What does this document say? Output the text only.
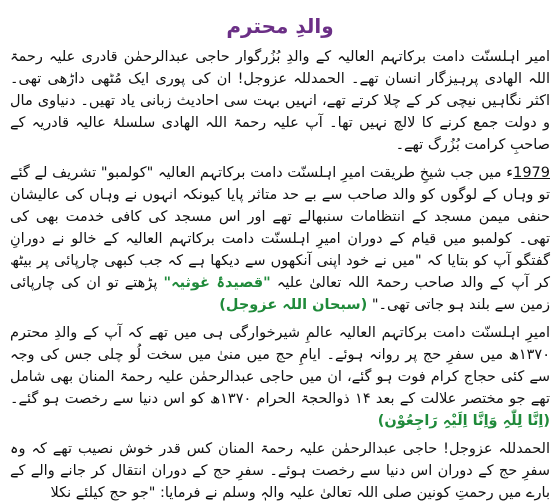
والدِ محترم

امیر اہلسنّت دامت برکاتہم العالیہ کے والدِ بُزُرگوار حاجی عبدالرحمٰن قادری علیہ رحمۃ اللہ الھادی پرہیزگار انسان تھے۔ الحمدللہ عزوجل! ان کی پوری ایک مُٹھی داڑھی تھی۔ اکثر نگاہیں نیچی کر کے چلا کرتے تھے، انہیں بہت سی احادیث زبانی یاد تھیں۔ دنیاوی مال و دولت جمع کرنے کا لالچ نہیں تھا۔ آپ علیہ رحمۃ اللہ الھادی سلسلۂ عالیہ قادریہ کے صاحبِ کرامت بُزُرگ تھے۔

1979ء میں جب شیخِ طریقت امیرِ اہلسنّت دامت برکاتہم العالیہ "کولمبو" تشریف لے گئے تو وہاں کے لوگوں کو والد صاحب سے بے حد متاثر پایا کیونکہ انہوں نے وہاں کی عالیشان حنفی میمن مسجد کے انتظامات سنبھالے تھے اور اس مسجد کی کافی خدمت بھی کی تھی۔ کولمبو میں قیام کے دوران امیرِ اہلسنّت دامت برکاتہم العالیہ کے خالو نے دورانِ گفتگو آپ کو بتایا کہ "میں نے خود اپنی آنکھوں سے دیکھا ہے کہ جب کبھی چارپائی پر بیٹھ کر آپ کے والد صاحب رحمۃ اللہ تعالیٰ علیہ "قصیدۂ غوثیہ" پڑھتے تو ان کی چارپائی زمین سے بلند ہو جاتی تھی۔" (سبحان اللہ عزوجل)

امیرِ اہلسنّت دامت برکاتہم العالیہ عالمِ شیرخوارگی ہی میں تھے کہ آپ کے والدِ محترم ۱۳۷۰ھ میں سفرِ حج پر روانہ ہوئے۔ ایامِ حج میں منیٰ میں سخت لُو چلی جس کی وجہ سے کئی حجاج کرام فوت ہو گئے، ان میں حاجی عبدالرحمٰن علیہ رحمۃ المنان بھی شامل تھے جو مختصر علالت کے بعد ۱۴ ذوالحجۃ الحرام ۱۳۷۰ھ کو اس دنیا سے رخصت ہو گئے۔ (اِنَّا لِلّٰہِ وَاِنَّا اِلَیْہِ رَاجِعُوْن)

الحمدللہ عزوجل! حاجی عبدالرحمٰن علیہ رحمۃ المنان کس قدر خوش نصیب تھے کہ وہ سفرِ حج کے دوران اس دنیا سے رخصت ہوئے۔ سفرِ حج کے دوران انتقال کر جانے والے کے بارے میں رحمتِ کونین صلی اللہ تعالیٰ علیہ والہٖ وسلم نے فرمایا: "جو حج کیلئے نکلا
